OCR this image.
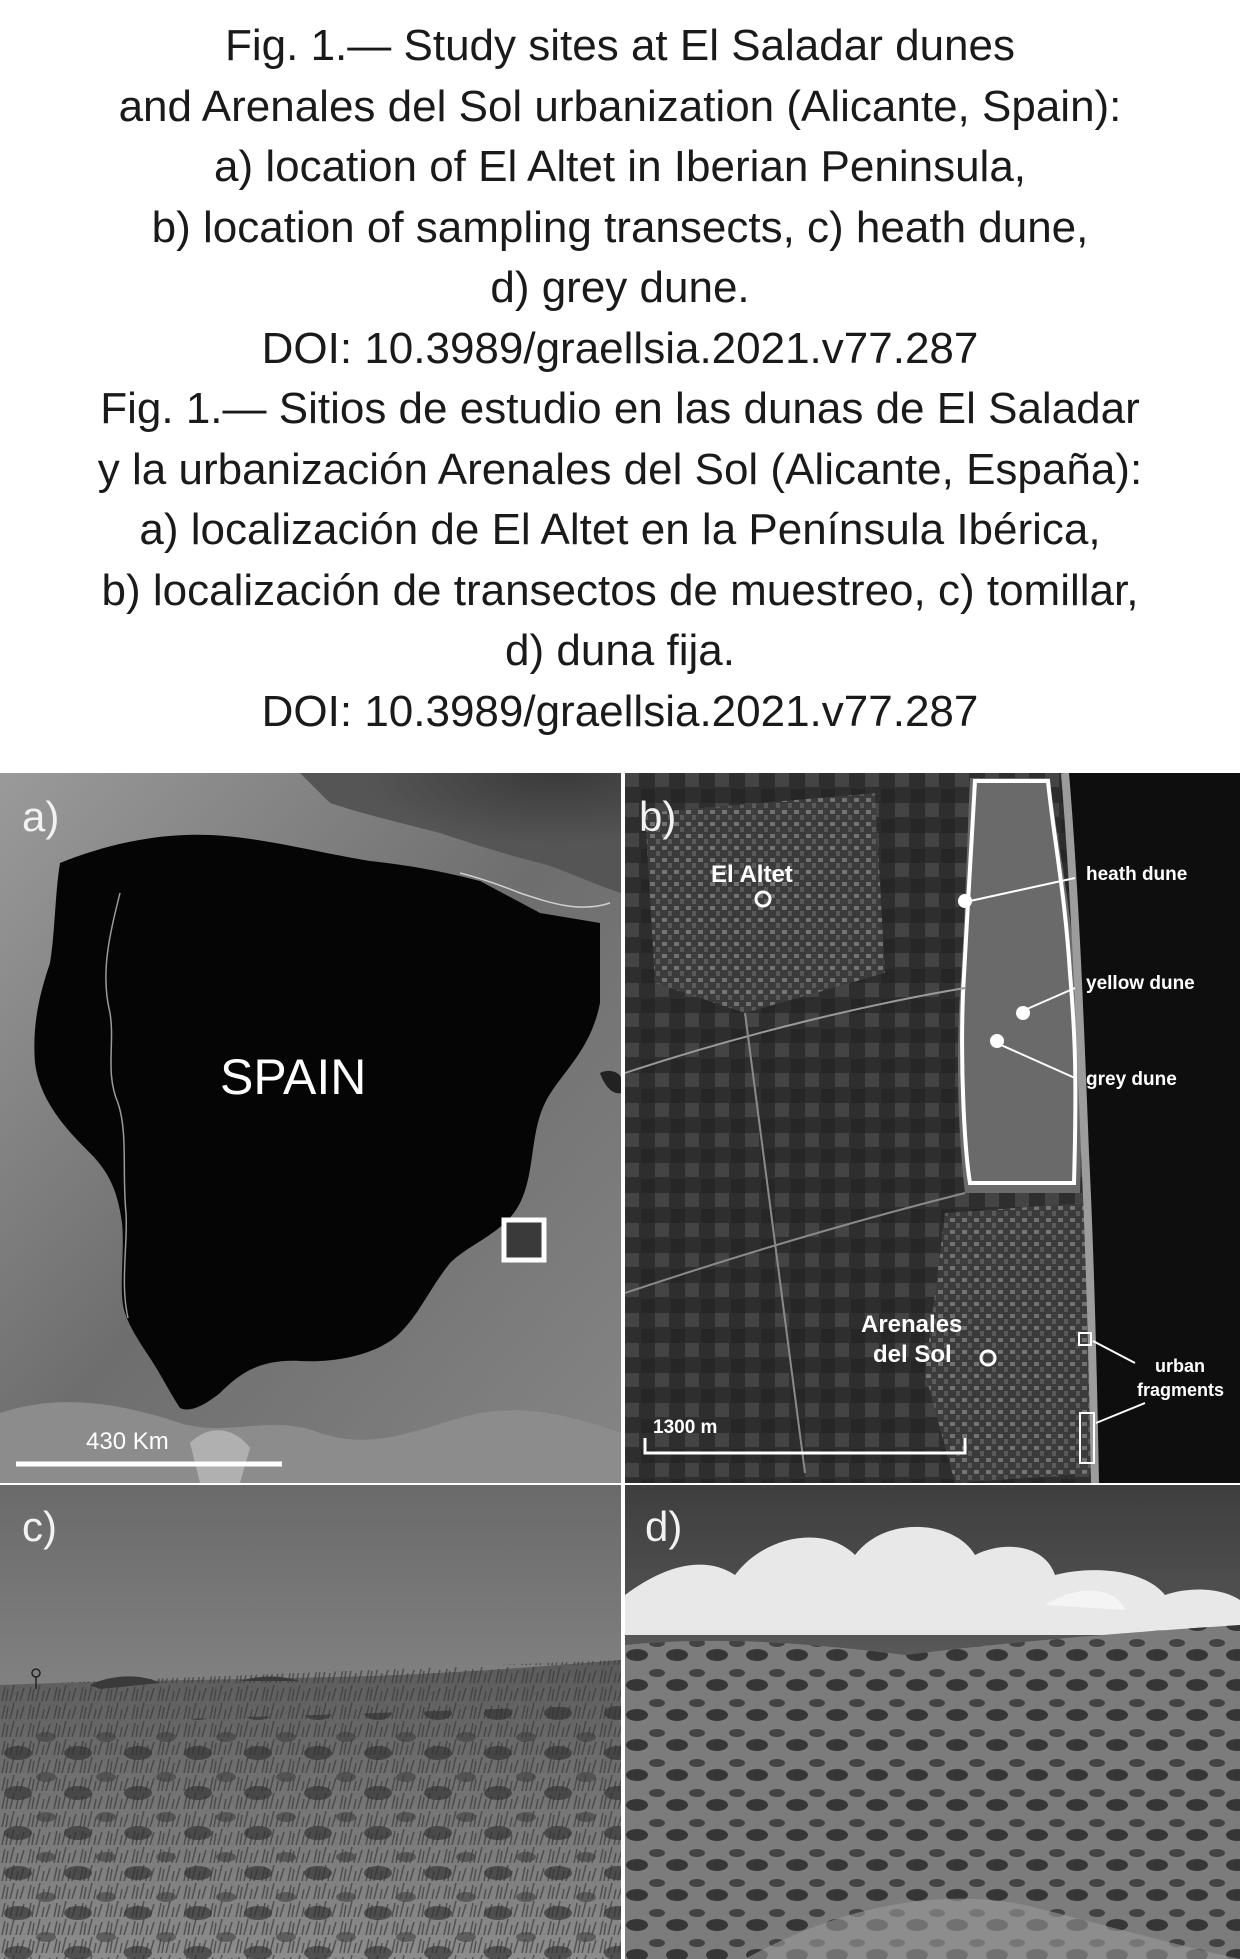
Fig. 1.— Study sites at El Saladar dunes
and Arenales del Sol urbanization (Alicante, Spain):
a) location of El Altet in Iberian Peninsula,
b) location of sampling transects, c) heath dune,
d) grey dune.
DOI: 10.3989/graellsia.2021.v77.287
Fig. 1.— Sitios de estudio en las dunas de El Saladar
y la urbanización Arenales del Sol (Alicante, España):
a) localización de El Altet en la Península Ibérica,
b) localización de transectos de muestreo, c) tomillar,
d) duna fija.
DOI: 10.3989/graellsia.2021.v77.287
a)
SPAIN
430 Km
b)
El Altet
Arenales
del Sol
heath dune
yellow dune
grey dune
urban
fragments
1300 m
c)	d)
